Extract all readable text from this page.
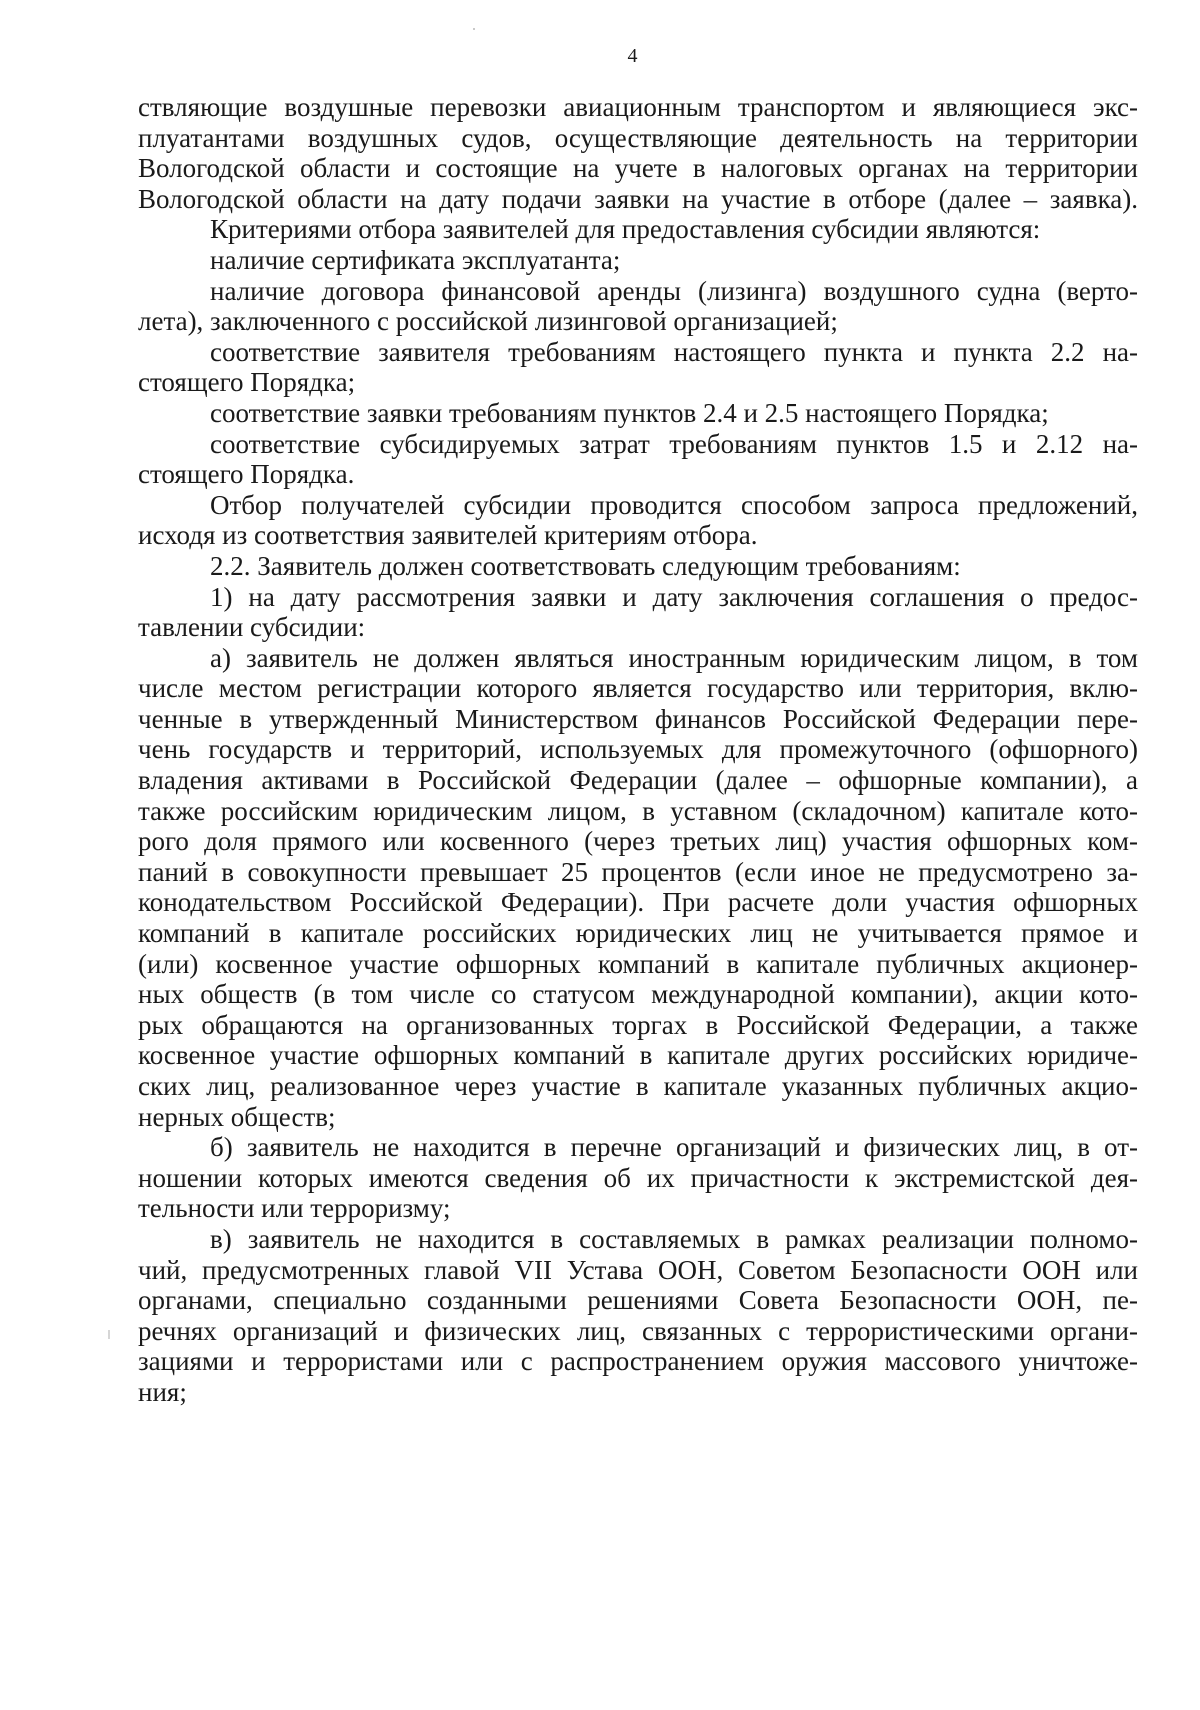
4
ствляющие воздушные перевозки авиационным транспортом и являющиеся экс-
плуатантами воздушных судов, осуществляющие деятельность на территории
Вологодской области и состоящие на учете в налоговых органах на территории
Вологодской области на дату подачи заявки на участие в отборе (далее – заявка).
Критериями отбора заявителей для предоставления субсидии являются:
наличие сертификата эксплуатанта;
наличие договора финансовой аренды (лизинга) воздушного судна (верто-
лета), заключенного с российской лизинговой организацией;
соответствие заявителя требованиям настоящего пункта и пункта 2.2 на-
стоящего Порядка;
соответствие заявки требованиям пунктов 2.4 и 2.5 настоящего Порядка;
соответствие субсидируемых затрат требованиям пунктов 1.5 и 2.12 на-
стоящего Порядка.
Отбор получателей субсидии проводится способом запроса предложений,
исходя из соответствия заявителей критериям отбора.
2.2. Заявитель должен соответствовать следующим требованиям:
1) на дату рассмотрения заявки и дату заключения соглашения о предос-
тавлении субсидии:
а) заявитель не должен являться иностранным юридическим лицом, в том
числе местом регистрации которого является государство или территория, вклю-
ченные в утвержденный Министерством финансов Российской Федерации пере-
чень государств и территорий, используемых для промежуточного (офшорного)
владения активами в Российской Федерации (далее – офшорные компании), а
также российским юридическим лицом, в уставном (складочном) капитале кото-
рого доля прямого или косвенного (через третьих лиц) участия офшорных ком-
паний в совокупности превышает 25 процентов (если иное не предусмотрено за-
конодательством Российской Федерации). При расчете доли участия офшорных
компаний в капитале российских юридических лиц не учитывается прямое и
(или) косвенное участие офшорных компаний в капитале публичных акционер-
ных обществ (в том числе со статусом международной компании), акции кото-
рых обращаются на организованных торгах в Российской Федерации, а также
косвенное участие офшорных компаний в капитале других российских юридиче-
ских лиц, реализованное через участие в капитале указанных публичных акцио-
нерных обществ;
б) заявитель не находится в перечне организаций и физических лиц, в от-
ношении которых имеются сведения об их причастности к экстремистской дея-
тельности или терроризму;
в) заявитель не находится в составляемых в рамках реализации полномо-
чий, предусмотренных главой VII Устава ООН, Советом Безопасности ООН или
органами, специально созданными решениями Совета Безопасности ООН, пе-
речнях организаций и физических лиц, связанных с террористическими органи-
зациями и террористами или с распространением оружия массового уничтоже-
ния;
